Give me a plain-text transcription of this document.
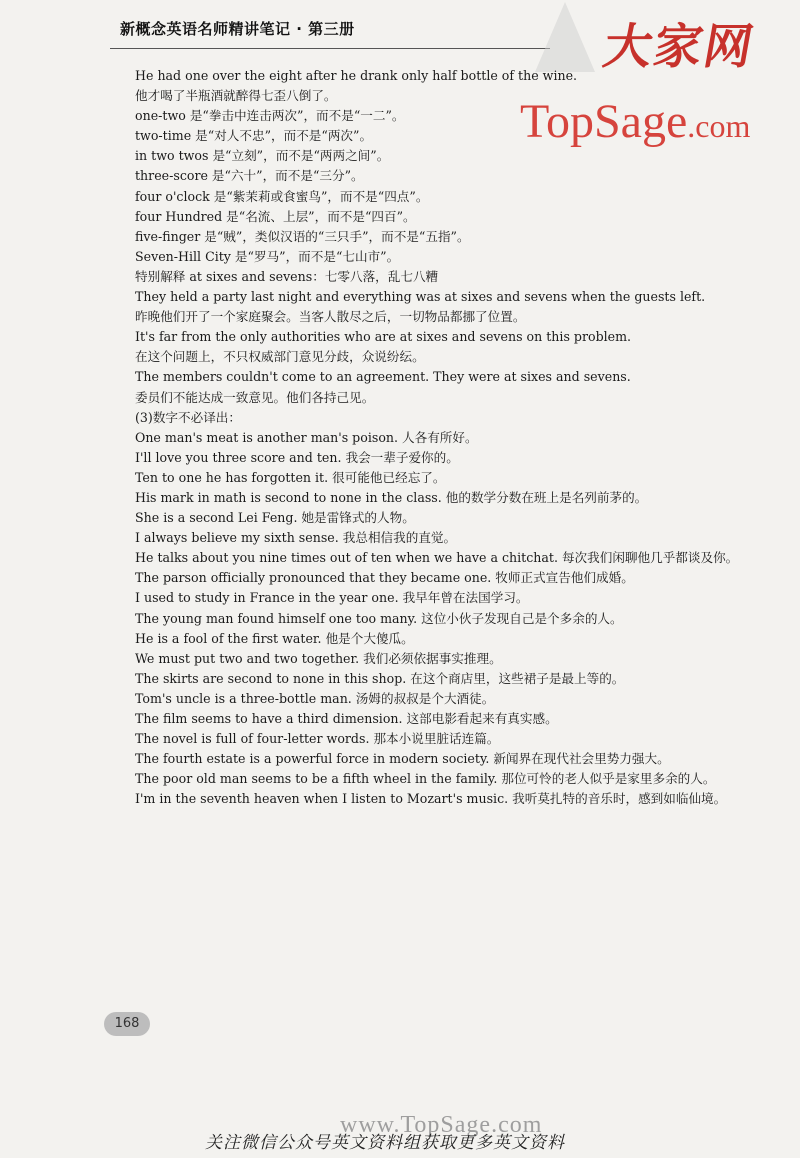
新概念英语名师精讲笔记 · 第三册	大家网
TopSage.com
He had one over the eight after he drank only half bottle of the wine.
他才喝了半瓶酒就醉得七歪八倒了。
one-two 是“拳击中连击两次”，而不是“一二”。
two-time 是“对人不忠”，而不是“两次”。
in two twos 是“立刻”，而不是“两两之间”。
three-score 是“六十”，而不是“三分”。
four o'clock 是“紫茉莉或食蜜鸟”，而不是“四点”。
four Hundred 是“名流、上层”，而不是“四百”。
five-finger 是“贼”，类似汉语的“三只手”，而不是“五指”。
Seven-Hill City 是“罗马”，而不是“七山市”。
特别解释 at sixes and sevens：七零八落，乱七八糟
They held a party last night and everything was at sixes and sevens when the guests left.
昨晚他们开了一个家庭聚会。当客人散尽之后，一切物品都挪了位置。
It's far from the only authorities who are at sixes and sevens on this problem.
在这个问题上，不只权威部门意见分歧，众说纷纭。
The members couldn't come to an agreement. They were at sixes and sevens.
委员们不能达成一致意见。他们各持己见。
(3)数字不必译出：
One man's meat is another man's poison. 人各有所好。
I'll love you three score and ten. 我会一辈子爱你的。
Ten to one he has forgotten it. 很可能他已经忘了。
His mark in math is second to none in the class. 他的数学分数在班上是名列前茅的。
She is a second Lei Feng. 她是雷锋式的人物。
I always believe my sixth sense. 我总相信我的直觉。
He talks about you nine times out of ten when we have a chitchat. 每次我们闲聊他几乎都谈及你。
The parson officially pronounced that they became one. 牧师正式宣告他们成婚。
I used to study in France in the year one. 我早年曾在法国学习。
The young man found himself one too many. 这位小伙子发现自己是个多余的人。
He is a fool of the first water. 他是个大傻瓜。
We must put two and two together. 我们必须依据事实推理。
The skirts are second to none in this shop. 在这个商店里，这些裙子是最上等的。
Tom's uncle is a three-bottle man. 汤姆的叔叔是个大酒徒。
The film seems to have a third dimension. 这部电影看起来有真实感。
The novel is full of four-letter words. 那本小说里脏话连篇。
The fourth estate is a powerful force in modern society. 新闻界在现代社会里势力强大。
The poor old man seems to be a fifth wheel in the family. 那位可怜的老人似乎是家里多余的人。
I'm in the seventh heaven when I listen to Mozart's music. 我听莫扎特的音乐时，感到如临仙境。
168
www.TopSage.com
关注微信公众号英文资料组获取更多英文资料
